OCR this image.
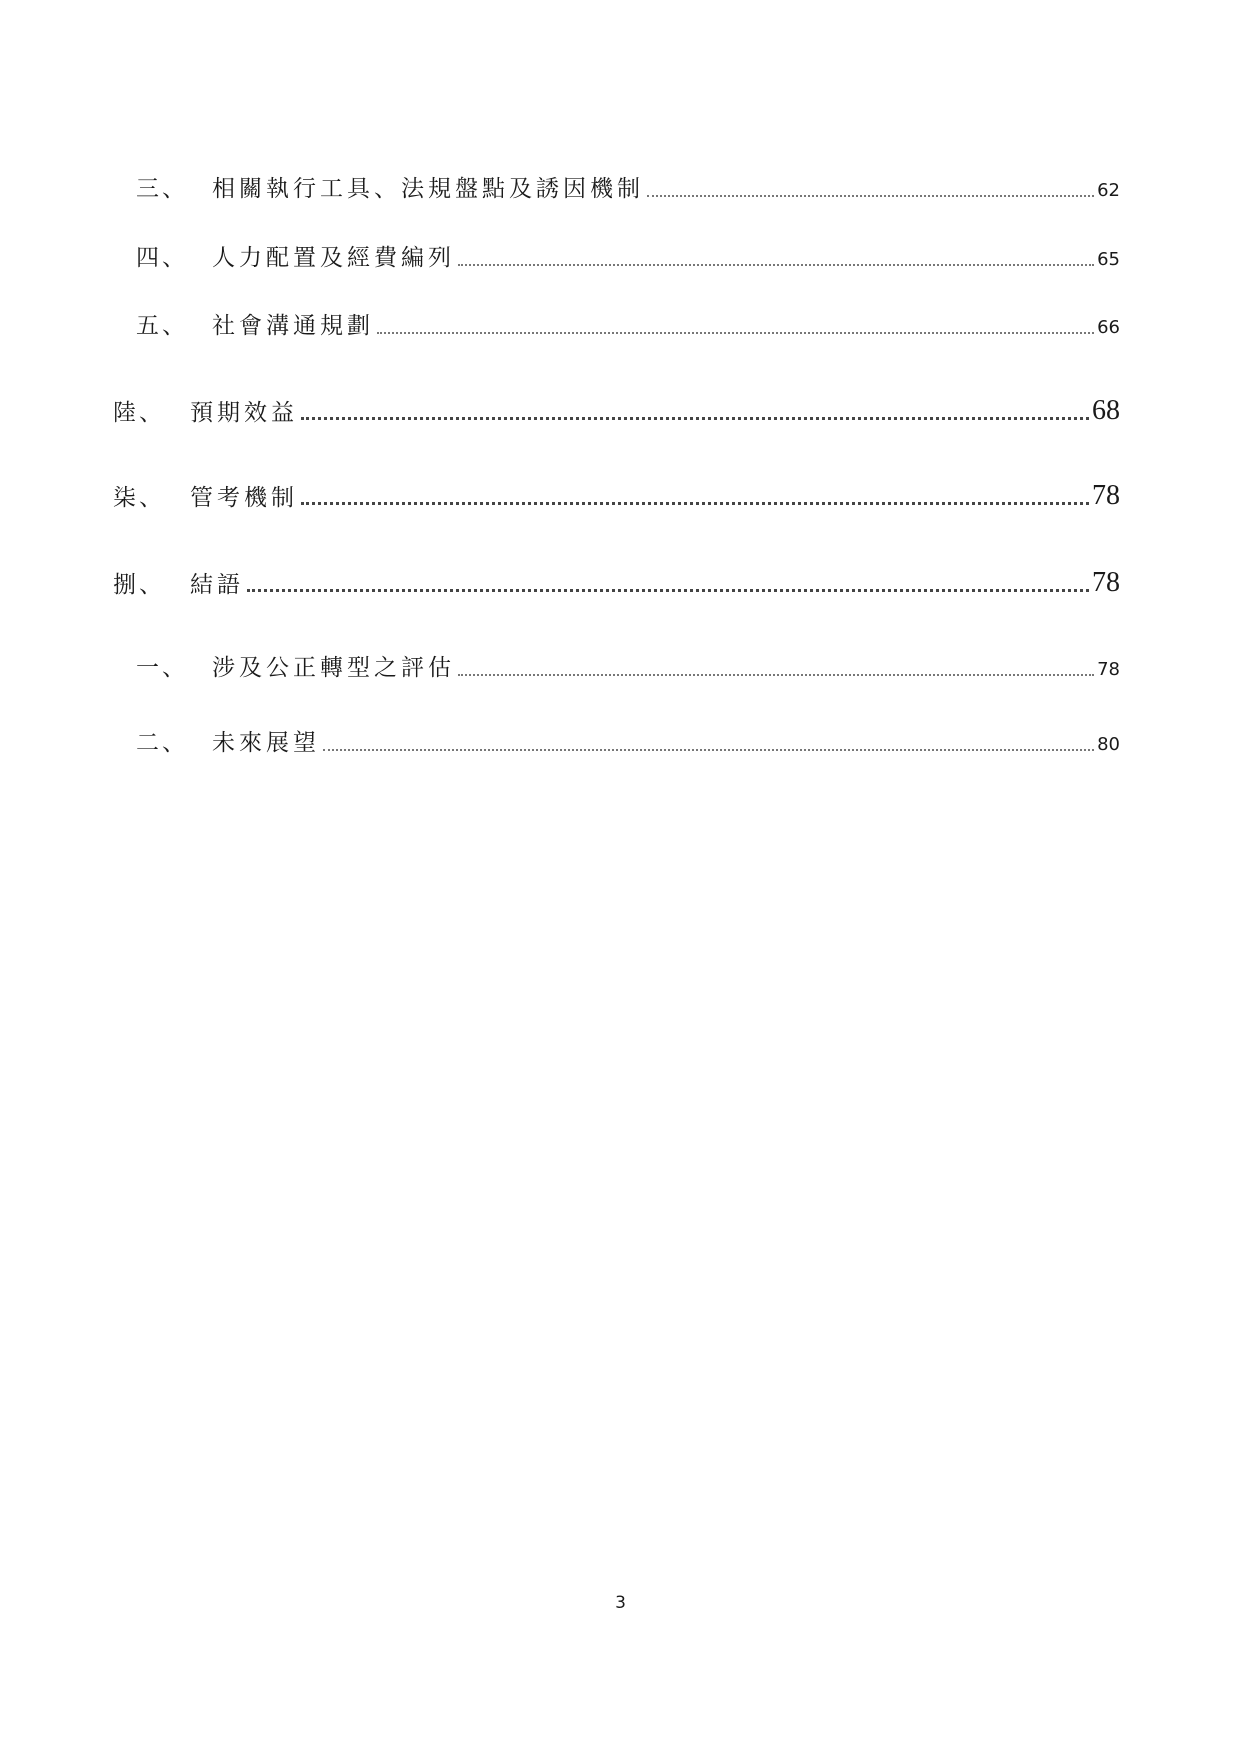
三、	相關執行工具、法規盤點及誘因機制	62
四、	人力配置及經費編列	65
五、	社會溝通規劃	66
陸、	預期效益	68
柒、	管考機制	78
捌、	結語	78
一、	涉及公正轉型之評估	78
二、	未來展望	80
3
